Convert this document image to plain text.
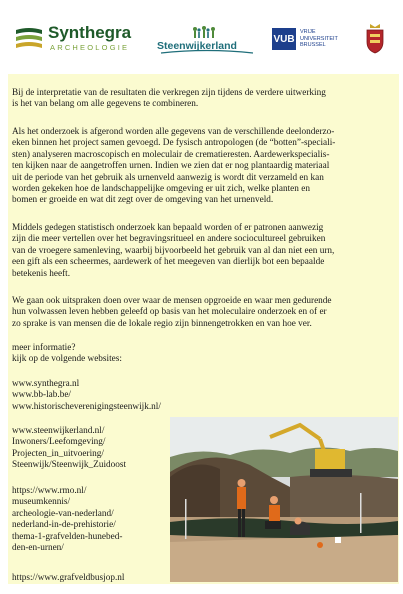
Synthegra
ARCHEOLOGIE	Steenwijkerland
VUB
VRIJE
UNIVERSITEIT
BRUSSEL

Bij de interpretatie van de resultaten die verkregen zijn tijdens de verdere uitwerking
is het van belang om alle gegevens te combineren.

Als het onderzoek is afgerond worden alle gegevens van de verschillende deelonderzo-
eken binnen het project samen gevoegd. De fysisch antropologen (de “botten”-speciali-
sten) analyseren macroscopisch en moleculair de crematieresten. Aardewerkspecialis-
ten kijken naar de aangetroffen urnen. Indien we zien dat er nog plantaardig materiaal
uit de periode van het gebruik als urnenveld aanwezig is wordt dit verzameld en kan
worden gekeken hoe de landschappelijke omgeving er uit zich, welke planten en
bomen er groeide en wat dit zegt over de omgeving van het urnenveld.

Middels gedegen statistisch onderzoek kan bepaald worden of er patronen aanwezig
zijn die meer vertellen over het begravingsritueel en andere sociocultureel gebruiken
van de vroegere samenleving, waarbij bijvoorbeeld het gebruik van al dan niet een urn,
een gift als een scheermes, aardewerk of het meegeven van dierlijk bot een bepaalde
betekenis heeft.

We gaan ook uitspraken doen over waar de mensen opgroeide en waar men gedurende
hun volwassen leven hebben geleefd op basis van het moleculaire onderzoek en of er
zo sprake is van mensen die de lokale regio zijn binnengetrokken en van hoe ver.

meer informatie?
kijk op de volgende websites:

www.synthegra.nl
www.bb-lab.be/
www.historischeverenigingsteenwijk.nl/

www.steenwijkerland.nl/
Inwoners/Leefomgeving/
Projecten_in_uitvoering/
Steenwijk/Steenwijk_Zuidoost

https://www.rmo.nl/
museumkennis/
archeologie-van-nederland/
nederland-in-de-prehistorie/
thema-1-grafvelden-hunebed-
den-en-urnen/

https://www.grafveldbusjop.nl
